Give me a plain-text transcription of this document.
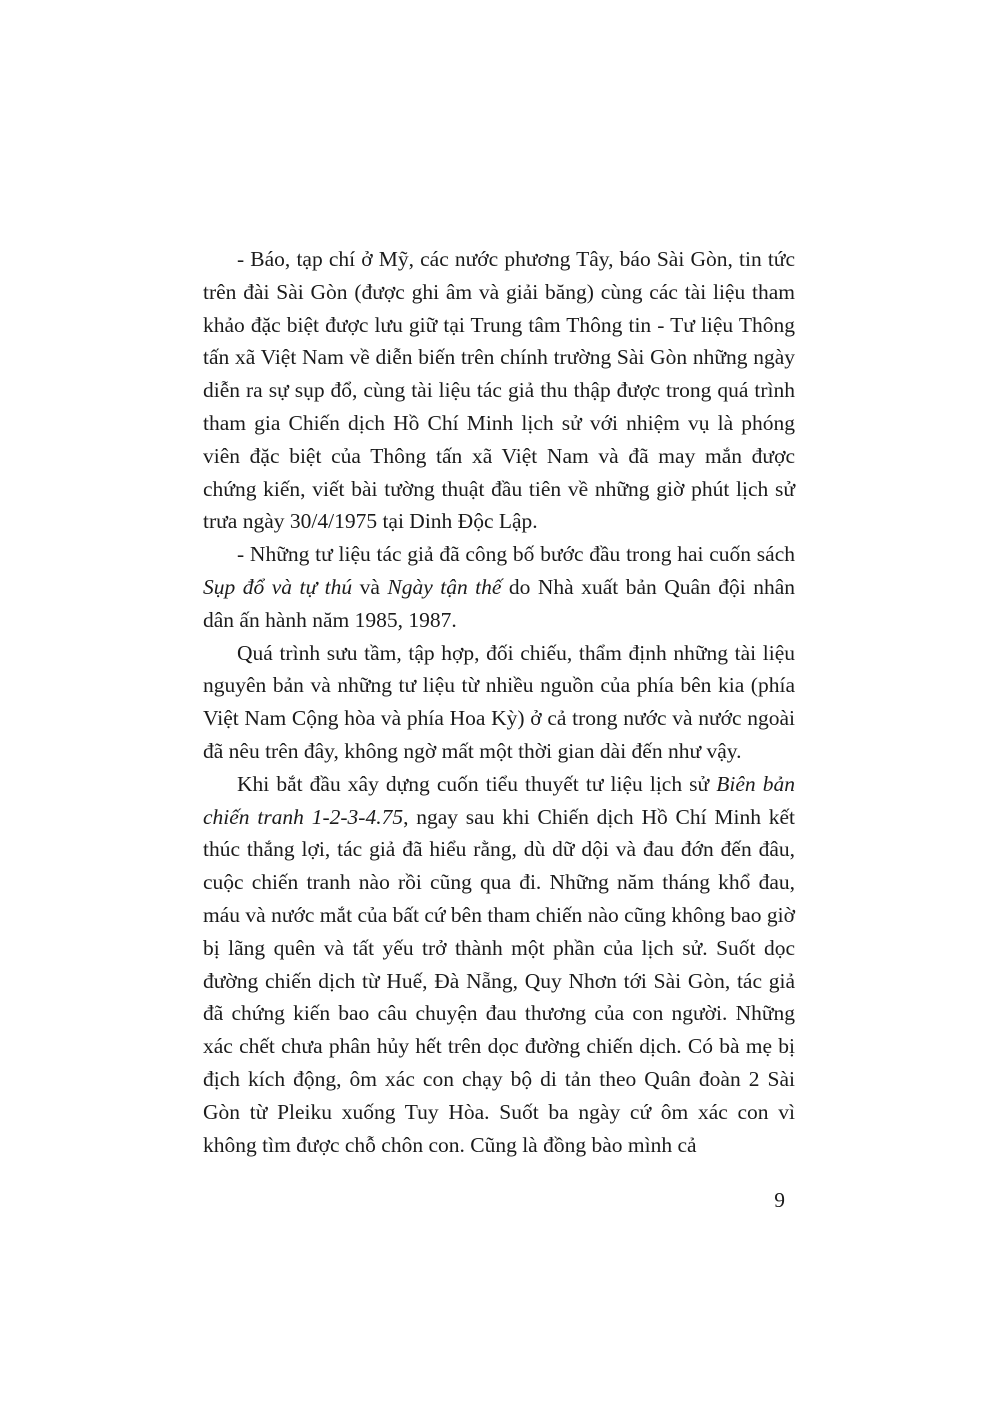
- Báo, tạp chí ở Mỹ, các nước phương Tây, báo Sài Gòn, tin tức trên đài Sài Gòn (được ghi âm và giải băng) cùng các tài liệu tham khảo đặc biệt được lưu giữ tại Trung tâm Thông tin - Tư liệu Thông tấn xã Việt Nam về diễn biến trên chính trường Sài Gòn những ngày diễn ra sự sụp đổ, cùng tài liệu tác giả thu thập được trong quá trình tham gia Chiến dịch Hồ Chí Minh lịch sử với nhiệm vụ là phóng viên đặc biệt của Thông tấn xã Việt Nam và đã may mắn được chứng kiến, viết bài tường thuật đầu tiên về những giờ phút lịch sử trưa ngày 30/4/1975 tại Dinh Độc Lập.

- Những tư liệu tác giả đã công bố bước đầu trong hai cuốn sách Sụp đổ và tự thú và Ngày tận thế do Nhà xuất bản Quân đội nhân dân ấn hành năm 1985, 1987.

Quá trình sưu tầm, tập hợp, đối chiếu, thẩm định những tài liệu nguyên bản và những tư liệu từ nhiều nguồn của phía bên kia (phía Việt Nam Cộng hòa và phía Hoa Kỳ) ở cả trong nước và nước ngoài đã nêu trên đây, không ngờ mất một thời gian dài đến như vậy.

Khi bắt đầu xây dựng cuốn tiểu thuyết tư liệu lịch sử Biên bản chiến tranh 1-2-3-4.75, ngay sau khi Chiến dịch Hồ Chí Minh kết thúc thắng lợi, tác giả đã hiểu rằng, dù dữ dội và đau đớn đến đâu, cuộc chiến tranh nào rồi cũng qua đi. Những năm tháng khổ đau, máu và nước mắt của bất cứ bên tham chiến nào cũng không bao giờ bị lãng quên và tất yếu trở thành một phần của lịch sử. Suốt dọc đường chiến dịch từ Huế, Đà Nẵng, Quy Nhơn tới Sài Gòn, tác giả đã chứng kiến bao câu chuyện đau thương của con người. Những xác chết chưa phân hủy hết trên dọc đường chiến dịch. Có bà mẹ bị địch kích động, ôm xác con chạy bộ di tản theo Quân đoàn 2 Sài Gòn từ Pleiku xuống Tuy Hòa. Suốt ba ngày cứ ôm xác con vì không tìm được chỗ chôn con. Cũng là đồng bào mình cả

9
